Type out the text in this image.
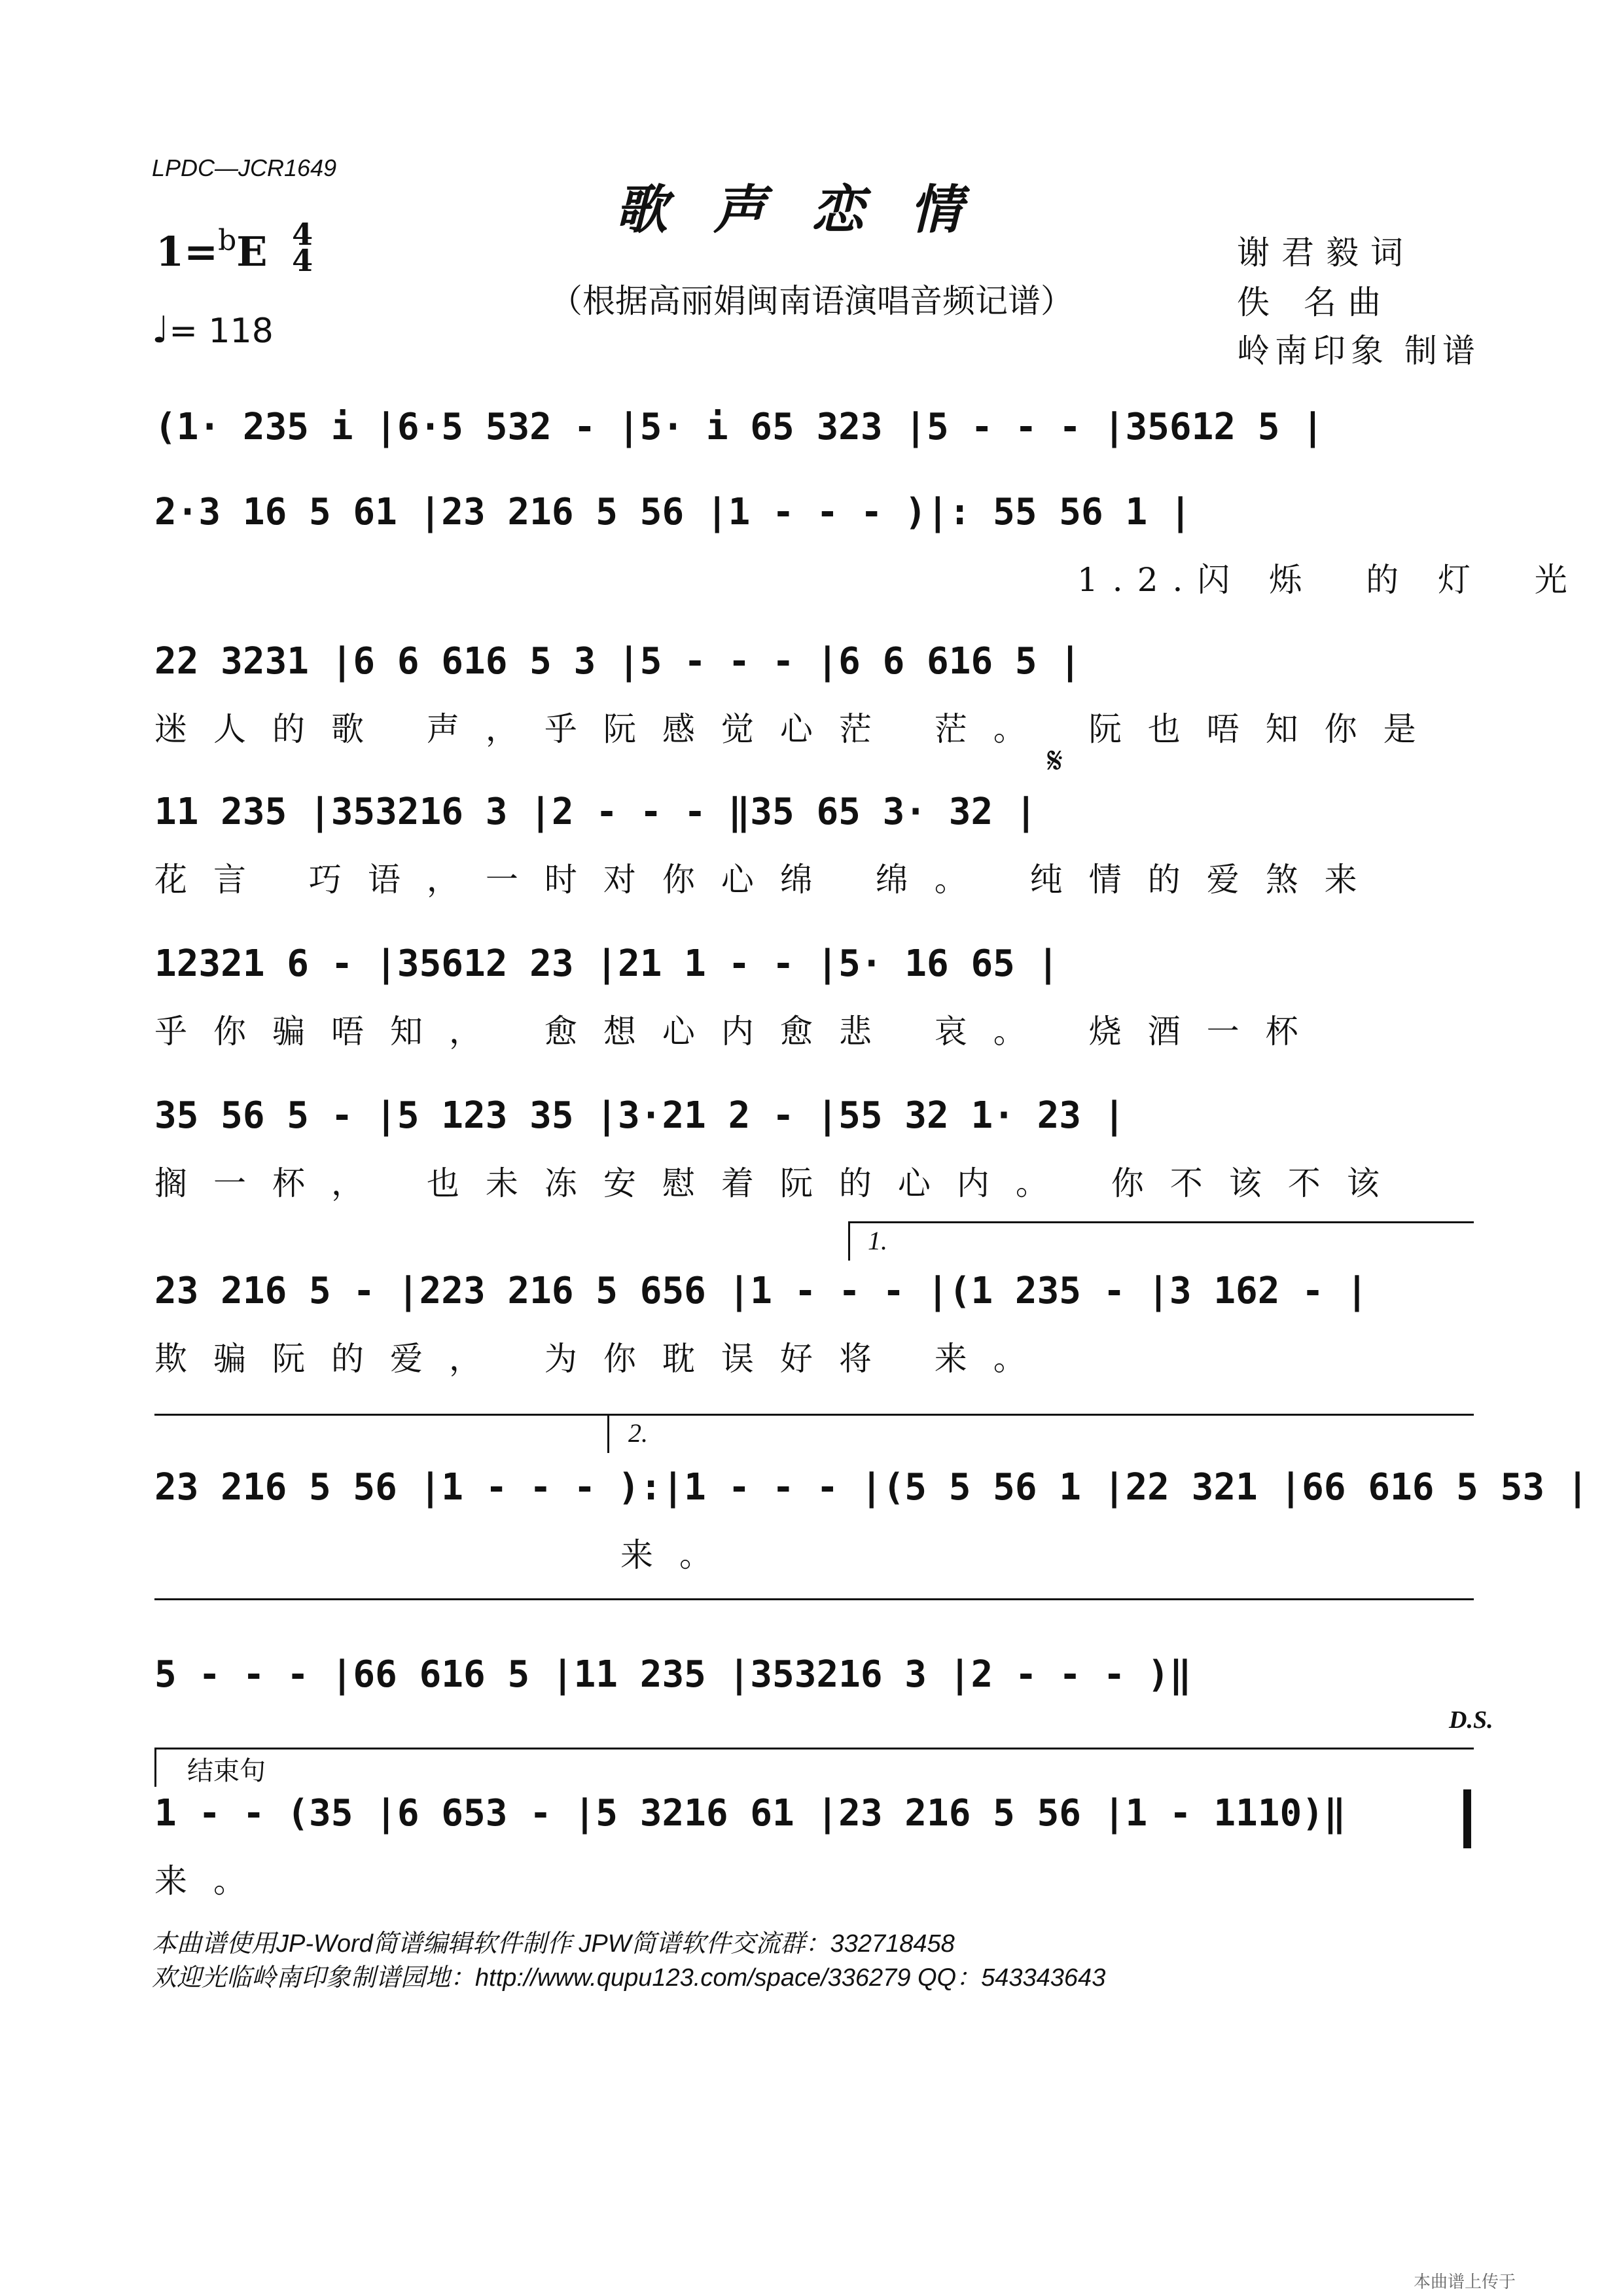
LPDC—JCR1649
歌声恋情
（根据高丽娟闽南语演唱音频记谱）
1=$^b$E 4
4
♩= 118
谢君毅词
佚 名曲
岭南印象 制谱
(1· 235 i |6·5 532 - |5· i 65 323 |5 - - - |35612 5 |
2·3 16 5 61 |23 216 5 56 |1 - - - )|: 55 56 1 |
1.2.闪 烁  的 灯  光
22 3231 |6 6 616 5 3 |5 - - - |6 6 616 5 |
迷人的歌 声，乎阮感觉心茫 茫。 阮也唔知你是
𝄋
11 235 |353216 3 |2 - - - ‖35 65 3· 32 |
花言 巧语，一时对你心绵 绵。 纯情的爱煞来
12321 6 - |35612 23 |21 1 - - |5· 16 65 |
乎你骗唔知， 愈想心内愈悲 哀。 烧酒一杯
35 56 5 - |5 123 35 |3·21 2 - |55 32 1· 23 |
搁一杯， 也未冻安慰着阮的心内。 你不该不该
1.
23 216 5 - |223 216 5 656 |1 - - - |(1 235 - |3 162 - |
欺骗阮的爱， 为你耽误好将 来。
2.
23 216 5 56 |1 - - - ):|1 - - - |(5 5 56 1 |22 321 |66 616 5 53 |
来。
5 - - - |66 616 5 |11 235 |353216 3 |2 - - - )‖
D.S.
结束句
1 - - (35 |6 653 - |5 3216 61 |23 216 5 56 |1 - 1110)‖
来。
本曲谱使用JP-Word简谱编辑软件制作 JPW简谱软件交流群：332718458
欢迎光临岭南印象制谱园地：http://www.qupu123.com/space/336279 QQ：543343643
本曲谱上传于
